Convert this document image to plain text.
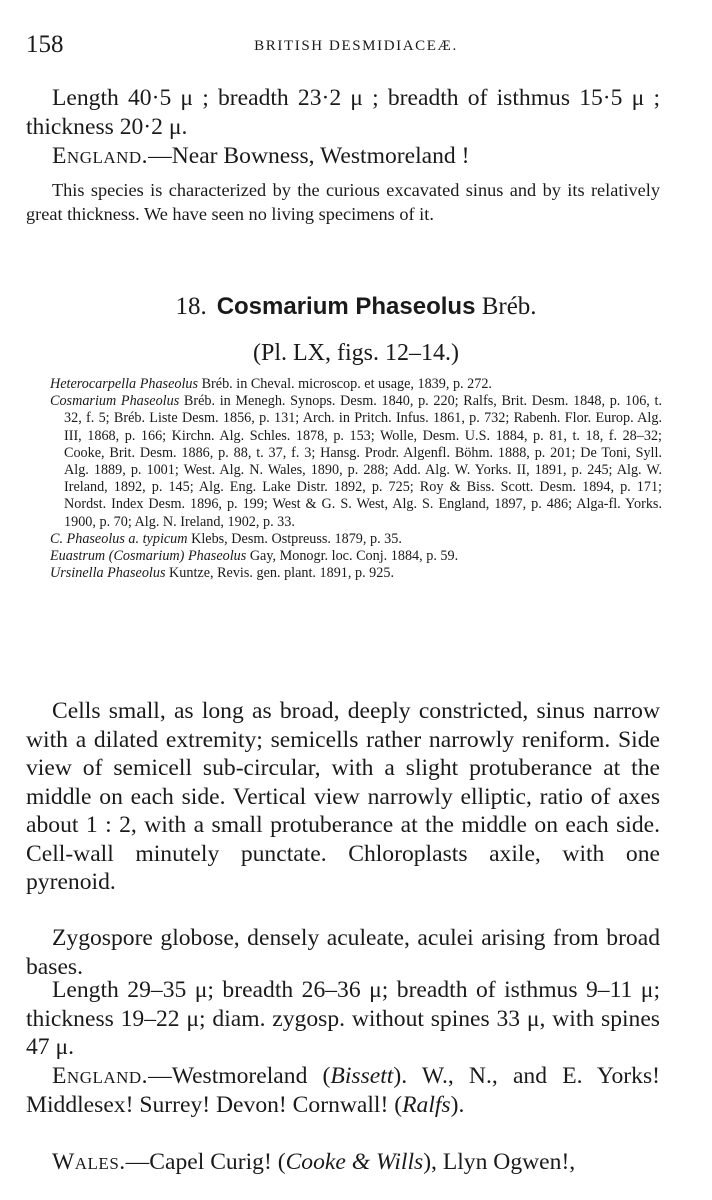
158	BRITISH DESMIDIACEÆ.

Length 40·5 μ ; breadth 23·2 μ ; breadth of isthmus 15·5 μ ; thickness 20·2 μ.

England.—Near Bowness, Westmoreland !

This species is characterized by the curious excavated sinus and by its relatively great thickness. We have seen no living specimens of it.

18. Cosmarium Phaseolus Bréb.
(Pl. LX, figs. 12–14.)

Heterocarpella Phaseolus Bréb. in Cheval. microscop. et usage, 1839, p. 272.

Cosmarium Phaseolus Bréb. in Menegh. Synops. Desm. 1840, p. 220; Ralfs, Brit. Desm. 1848, p. 106, t. 32, f. 5; Bréb. Liste Desm. 1856, p. 131; Arch. in Pritch. Infus. 1861, p. 732; Rabenh. Flor. Europ. Alg. III, 1868, p. 166; Kirchn. Alg. Schles. 1878, p. 153; Wolle, Desm. U.S. 1884, p. 81, t. 18, f. 28–32; Cooke, Brit. Desm. 1886, p. 88, t. 37, f. 3; Hansg. Prodr. Algenfl. Böhm. 1888, p. 201; De Toni, Syll. Alg. 1889, p. 1001; West. Alg. N. Wales, 1890, p. 288; Add. Alg. W. Yorks. II, 1891, p. 245; Alg. W. Ireland, 1892, p. 145; Alg. Eng. Lake Distr. 1892, p. 725; Roy & Biss. Scott. Desm. 1894, p. 171; Nordst. Index Desm. 1896, p. 199; West & G. S. West, Alg. S. England, 1897, p. 486; Alga-fl. Yorks. 1900, p. 70; Alg. N. Ireland, 1902, p. 33.

C. Phaseolus a. typicum Klebs, Desm. Ostpreuss. 1879, p. 35.

Euastrum (Cosmarium) Phaseolus Gay, Monogr. loc. Conj. 1884, p. 59.

Ursinella Phaseolus Kuntze, Revis. gen. plant. 1891, p. 925.

Cells small, as long as broad, deeply constricted, sinus narrow with a dilated extremity; semicells rather narrowly reniform. Side view of semicell sub-circular, with a slight protuberance at the middle on each side. Vertical view narrowly elliptic, ratio of axes about 1 : 2, with a small protuberance at the middle on each side. Cell-wall minutely punctate. Chloroplasts axile, with one pyrenoid.

Zygospore globose, densely aculeate, aculei arising from broad bases.

Length 29–35 μ; breadth 26–36 μ; breadth of isthmus 9–11 μ; thickness 19–22 μ; diam. zygosp. without spines 33 μ, with spines 47 μ.

England.—Westmoreland (Bissett). W., N., and E. Yorks! Middlesex! Surrey! Devon! Cornwall! (Ralfs).

Wales.—Capel Curig! (Cooke & Wills), Llyn Ogwen!,
